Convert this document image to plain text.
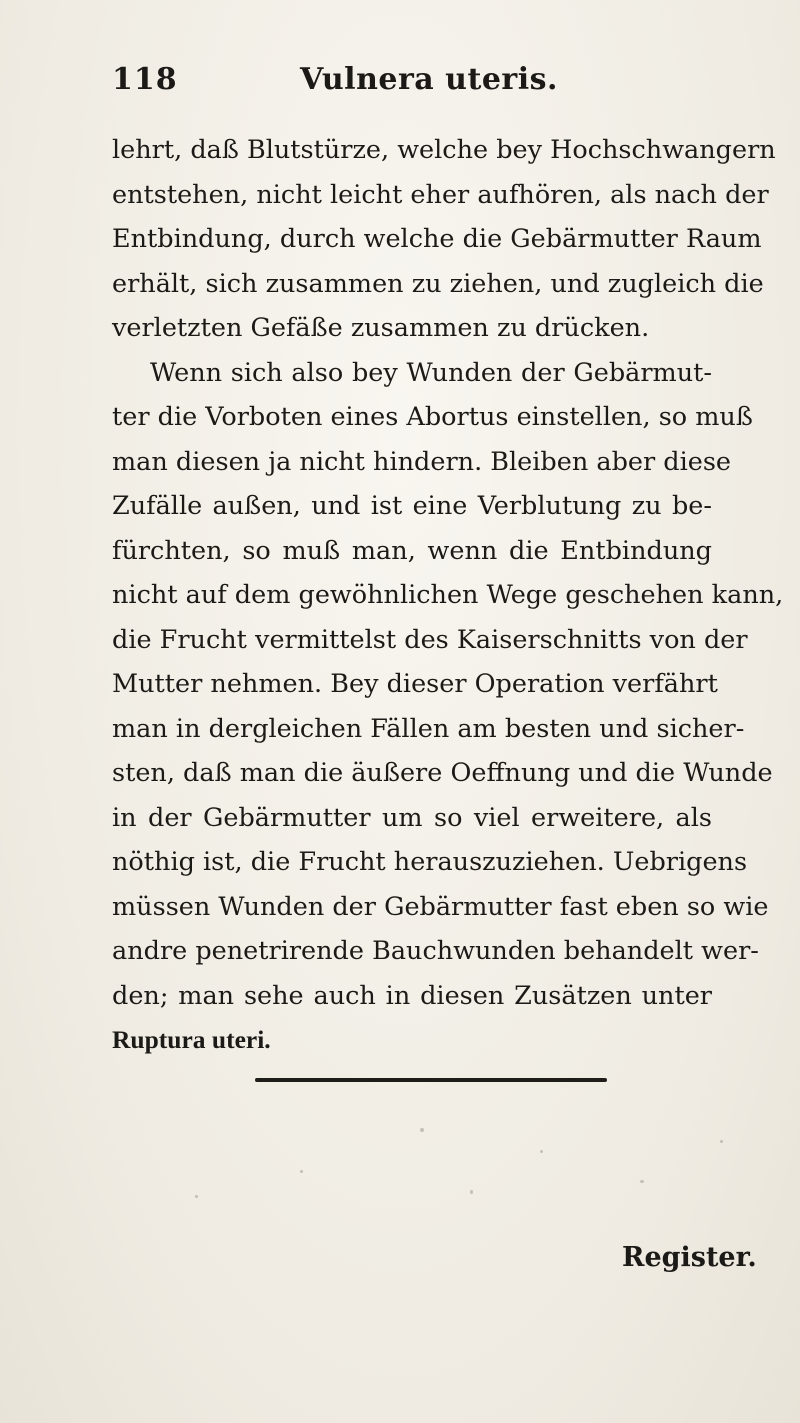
118	Vulnera uteris.
lehrt, daß Blutstürze, welche bey Hochschwangern
entstehen, nicht leicht eher aufhören, als nach der
Entbindung, durch welche die Gebärmutter Raum
erhält, sich zusammen zu ziehen, und zugleich die
verletzten Gefäße zusammen zu drücken.
Wenn sich also bey Wunden der Gebärmut-
ter die Vorboten eines Abortus einstellen, so muß
man diesen ja nicht hindern. Bleiben aber diese
Zufälle außen, und ist eine Verblutung zu be-
fürchten, so muß man, wenn die Entbindung
nicht auf dem gewöhnlichen Wege geschehen kann,
die Frucht vermittelst des Kaiserschnitts von der
Mutter nehmen. Bey dieser Operation verfährt
man in dergleichen Fällen am besten und sicher-
sten, daß man die äußere Oeffnung und die Wunde
in der Gebärmutter um so viel erweitere, als
nöthig ist, die Frucht herauszuziehen. Uebrigens
müssen Wunden der Gebärmutter fast eben so wie
andre penetrirende Bauchwunden behandelt wer-
den; man sehe auch in diesen Zusätzen unter
Ruptura uteri.
Register.
